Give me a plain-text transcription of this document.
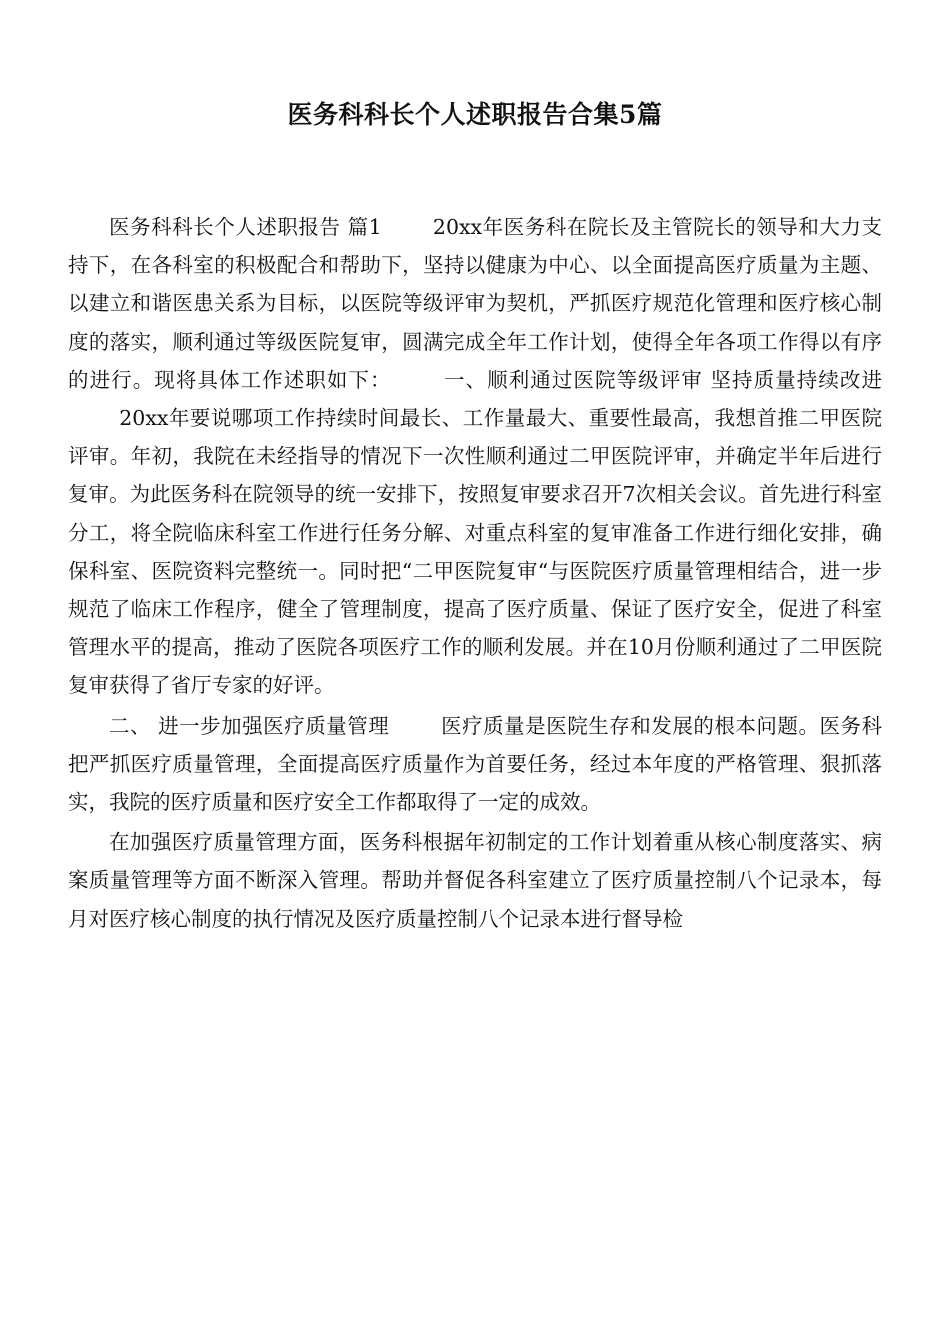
医务科科长个人述职报告合集5篇

医务科科长个人述职报告 篇1	20xx年医务科在院长及主管院长的领导和大力支持下，在各科室的积极配合和帮助下，坚持以健康为中心、以全面提高医疗质量为主题、以建立和谐医患关系为目标，以医院等级评审为契机，严抓医疗规范化管理和医疗核心制度的落实，顺利通过等级医院复审，圆满完成全年工作计划，使得全年各项工作得以有序的进行。现将具体工作述职如下：	一、顺利通过医院等级评审 坚持质量持续改进20xx年要说哪项工作持续时间最长、工作量最大、重要性最高，我想首推二甲医院评审。年初，我院在未经指导的情况下一次性顺利通过二甲医院评审，并确定半年后进行复审。为此医务科在院领导的统一安排下，按照复审要求召开7次相关会议。首先进行科室分工，将全院临床科室工作进行任务分解、对重点科室的复审准备工作进行细化安排，确保科室、医院资料完整统一。同时把“二甲医院复审“与医院医疗质量管理相结合，进一步规范了临床工作程序，健全了管理制度，提高了医疗质量、保证了医疗安全，促进了科室管理水平的提高，推动了医院各项医疗工作的顺利发展。并在10月份顺利通过了二甲医院复审获得了省厅专家的好评。

二、 进一步加强医疗质量管理	医疗质量是医院生存和发展的根本问题。医务科把严抓医疗质量管理，全面提高医疗质量作为首要任务，经过本年度的严格管理、狠抓落实，我院的医疗质量和医疗安全工作都取得了一定的成效。

在加强医疗质量管理方面，医务科根据年初制定的工作计划着重从核心制度落实、病案质量管理等方面不断深入管理。帮助并督促各科室建立了医疗质量控制八个记录本，每月对医疗核心制度的执行情况及医疗质量控制八个记录本进行督导检
